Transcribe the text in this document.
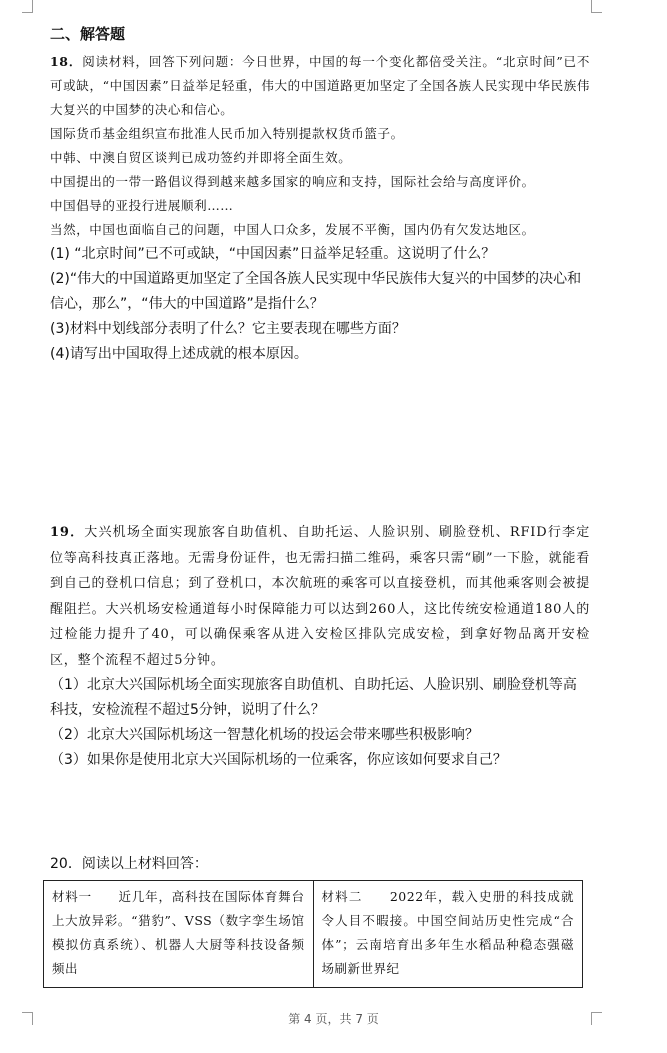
二、解答题

18．阅读材料，回答下列问题：今日世界，中国的每一个变化都倍受关注。“北京时间”已不可或缺，“中国因素”日益举足轻重，伟大的中国道路更加坚定了全国各族人民实现中华民族伟大复兴的中国梦的决心和信心。

国际货币基金组织宣布批准人民币加入特别提款权货币篮子。

中韩、中澳自贸区谈判已成功签约并即将全面生效。

中国提出的一带一路倡议得到越来越多国家的响应和支持，国际社会给与高度评价。

中国倡导的亚投行进展顺利……

当然，中国也面临自己的问题，中国人口众多，发展不平衡，国内仍有欠发达地区。

(1) “北京时间”已不可或缺，“中国因素”日益举足轻重。这说明了什么？

(2)“伟大的中国道路更加坚定了全国各族人民实现中华民族伟大复兴的中国梦的决心和信心，那么”，“伟大的中国道路”是指什么？

(3)材料中划线部分表明了什么？它主要表现在哪些方面？

(4)请写出中国取得上述成就的根本原因。

19．大兴机场全面实现旅客自助值机、自助托运、人脸识别、刷脸登机、RFID行李定位等高科技真正落地。无需身份证件，也无需扫描二维码，乘客只需“刷”一下脸，就能看到自己的登机口信息；到了登机口，本次航班的乘客可以直接登机，而其他乘客则会被提醒阻拦。大兴机场安检通道每小时保障能力可以达到260人，这比传统安检通道180人的过检能力提升了40，可以确保乘客从进入安检区排队完成安检，到拿好物品离开安检区，整个流程不超过5分钟。

（1）北京大兴国际机场全面实现旅客自助值机、自助托运、人脸识别、刷脸登机等高科技，安检流程不超过5分钟，说明了什么？

（2）北京大兴国际机场这一智慧化机场的投运会带来哪些积极影响？

（3）如果你是使用北京大兴国际机场的一位乘客，你应该如何要求自己？

20．阅读以上材料回答：

材料一　　近几年，高科技在国际体育舞台上大放异彩。“猎豹”、VSS（数字孪生场馆模拟仿真系统）、机器人大厨等科技设备频频出	材料二　　2022年，载入史册的科技成就令人目不暇接。中国空间站历史性完成“合体”；云南培育出多年生水稻品种稳态强磁场刷新世界纪
第 4 页，共 7 页
